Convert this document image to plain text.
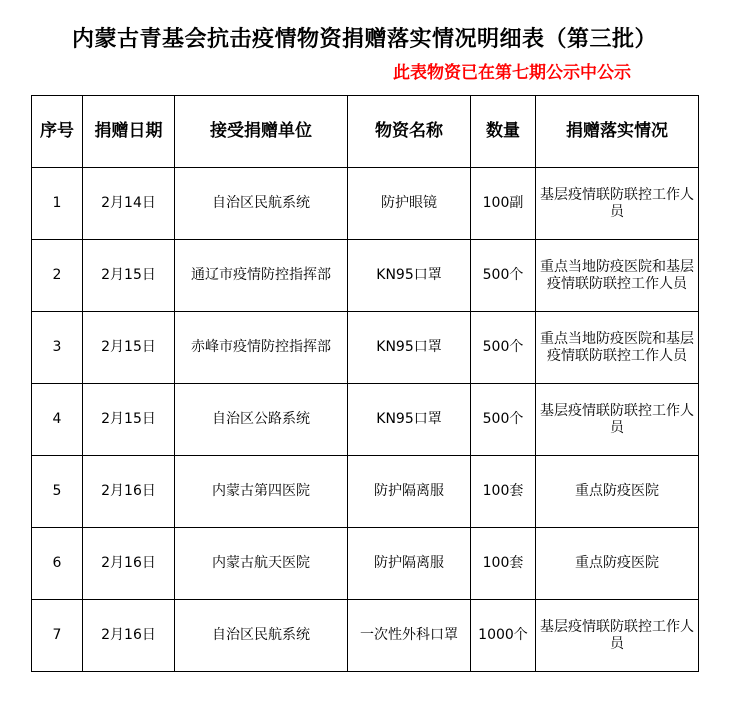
内蒙古青基会抗击疫情物资捐赠落实情况明细表（第三批）
此表物资已在第七期公示中公示
序号	捐赠日期	接受捐赠单位	物资名称	数量	捐赠落实情况
1	2月14日	自治区民航系统	防护眼镜	100副	基层疫情联防联控工作人员
2	2月15日	通辽市疫情防控指挥部	KN95口罩	500个	重点当地防疫医院和基层疫情联防联控工作人员
3	2月15日	赤峰市疫情防控指挥部	KN95口罩	500个	重点当地防疫医院和基层疫情联防联控工作人员
4	2月15日	自治区公路系统	KN95口罩	500个	基层疫情联防联控工作人员
5	2月16日	内蒙古第四医院	防护隔离服	100套	重点防疫医院
6	2月16日	内蒙古航天医院	防护隔离服	100套	重点防疫医院
7	2月16日	自治区民航系统	一次性外科口罩	1000个	基层疫情联防联控工作人员
